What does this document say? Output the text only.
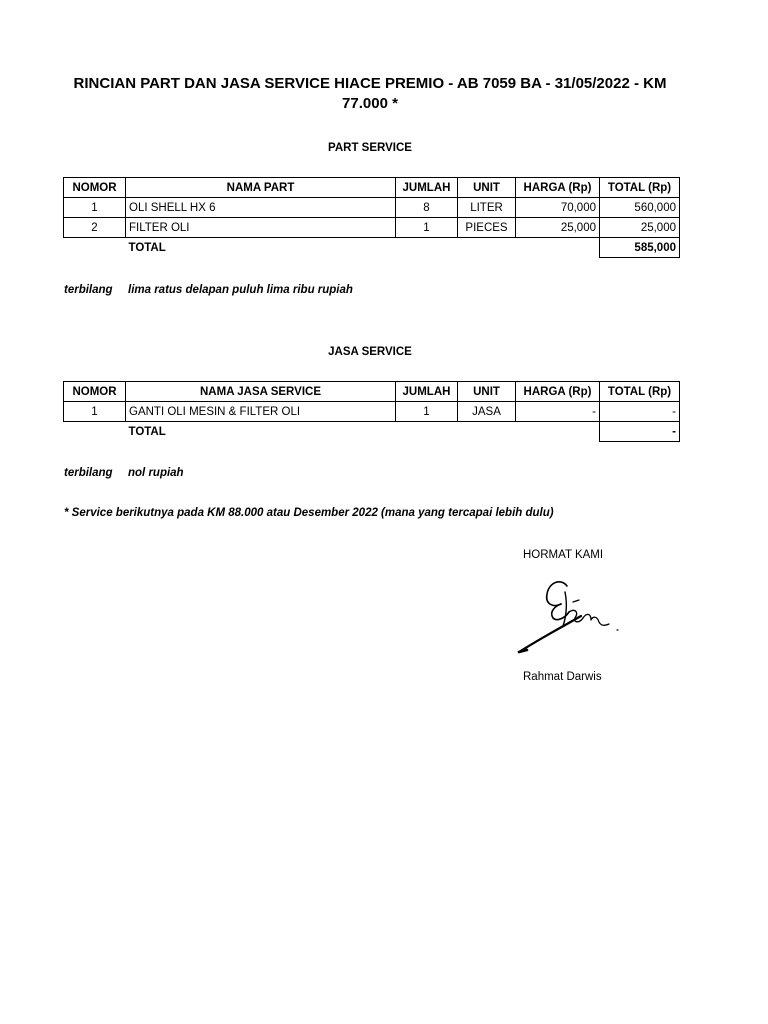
RINCIAN PART DAN JASA SERVICE HIACE PREMIO - AB 7059 BA - 31/05/2022 - KM 77.000 *
PART SERVICE
NOMOR	NAMA PART	JUMLAH	UNIT	HARGA (Rp)	TOTAL (Rp)
1	OLI SHELL HX 6	8	LITER	70,000	560,000
2	FILTER OLI	1	PIECES	25,000	25,000
	TOTAL				585,000
terbilang lima ratus delapan puluh lima ribu rupiah
JASA SERVICE
NOMOR	NAMA JASA SERVICE	JUMLAH	UNIT	HARGA (Rp)	TOTAL (Rp)
1	GANTI OLI MESIN & FILTER OLI	1	JASA	-	-
	TOTAL				-
terbilang nol rupiah
* Service berikutnya pada KM 88.000 atau Desember 2022 (mana yang tercapai lebih dulu)
HORMAT KAMI
Rahmat Darwis
